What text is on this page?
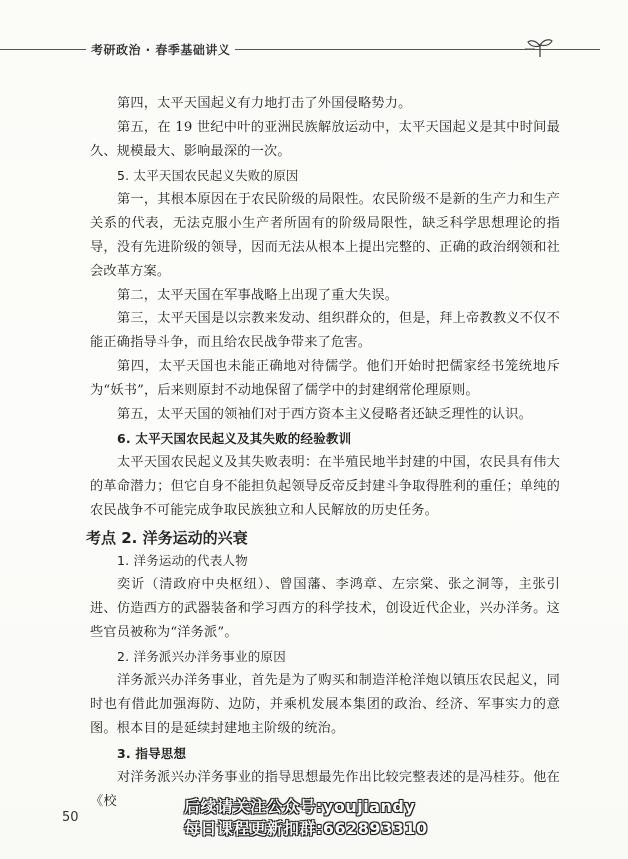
考研政治 · 春季基础讲义

第四，太平天国起义有力地打击了外国侵略势力。

第五，在 19 世纪中叶的亚洲民族解放运动中，太平天国起义是其中时间最久、规模最大、影响最深的一次。

5. 太平天国农民起义失败的原因

第一，其根本原因在于农民阶级的局限性。农民阶级不是新的生产力和生产关系的代表，无法克服小生产者所固有的阶级局限性，缺乏科学思想理论的指导，没有先进阶级的领导，因而无法从根本上提出完整的、正确的政治纲领和社会改革方案。

第二，太平天国在军事战略上出现了重大失误。

第三，太平天国是以宗教来发动、组织群众的，但是，拜上帝教教义不仅不能正确指导斗争，而且给农民战争带来了危害。

第四，太平天国也未能正确地对待儒学。他们开始时把儒家经书笼统地斥为“妖书”，后来则原封不动地保留了儒学中的封建纲常伦理原则。

第五，太平天国的领袖们对于西方资本主义侵略者还缺乏理性的认识。

6. 太平天国农民起义及其失败的经验教训

太平天国农民起义及其失败表明：在半殖民地半封建的中国，农民具有伟大的革命潜力；但它自身不能担负起领导反帝反封建斗争取得胜利的重任；单纯的农民战争不可能完成争取民族独立和人民解放的历史任务。

考点 2. 洋务运动的兴衰

1. 洋务运动的代表人物

奕䜣（清政府中央枢纽）、曾国藩、李鸿章、左宗棠、张之洞等，主张引进、仿造西方的武器装备和学习西方的科学技术，创设近代企业，兴办洋务。这些官员被称为“洋务派”。

2. 洋务派兴办洋务事业的原因

洋务派兴办洋务事业，首先是为了购买和制造洋枪洋炮以镇压农民起义，同时也有借此加强海防、边防，并乘机发展本集团的政治、经济、军事实力的意图。根本目的是延续封建地主阶级的统治。

3. 指导思想

对洋务派兴办洋务事业的指导思想最先作出比较完整表述的是冯桂芬。他在《校

50
后续请关注公众号:youjiandy
每日课程更新扣群:662893310
